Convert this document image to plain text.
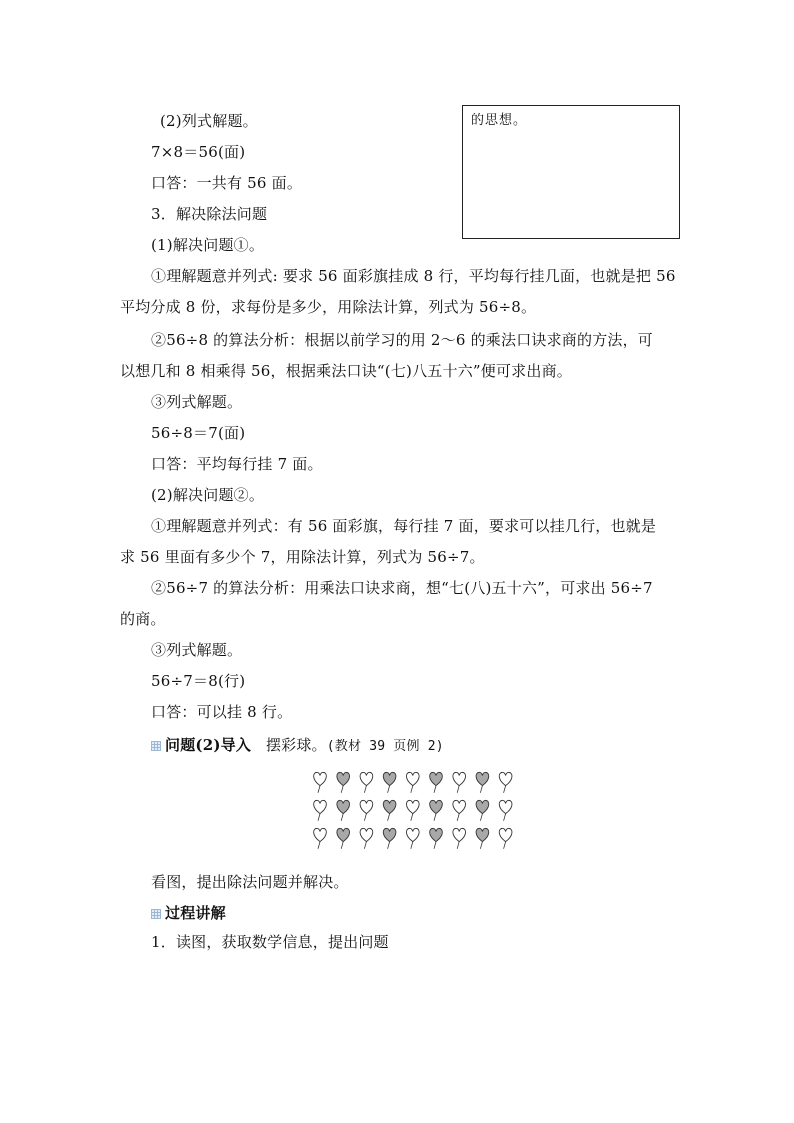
的思想。
(2)列式解题。
7×8＝56(面)
口答：一共有 56 面。
3．解决除法问题
(1)解决问题①。
①理解题意并列式: 要求 56 面彩旗挂成 8 行，平均每行挂几面，也就是把 56
平均分成 8 份，求每份是多少，用除法计算，列式为 56÷8。
②56÷8 的算法分析：根据以前学习的用 2～6 的乘法口诀求商的方法，可
以想几和 8 相乘得 56，根据乘法口诀“(七)八五十六”便可求出商。
③列式解题。
56÷8＝7(面)
口答：平均每行挂 7 面。
(2)解决问题②。
①理解题意并列式：有 56 面彩旗，每行挂 7 面，要求可以挂几行，也就是
求 56 里面有多少个 7，用除法计算，列式为 56÷7。
②56÷7 的算法分析：用乘法口诀求商，想“七(八)五十六”，可求出 56÷7
的商。
③列式解题。
56÷7＝8(行)
口答：可以挂 8 行。
问题(2)导入 摆彩球。(教材 39 页例 2)
看图，提出除法问题并解决。
过程讲解
1．读图，获取数学信息，提出问题
